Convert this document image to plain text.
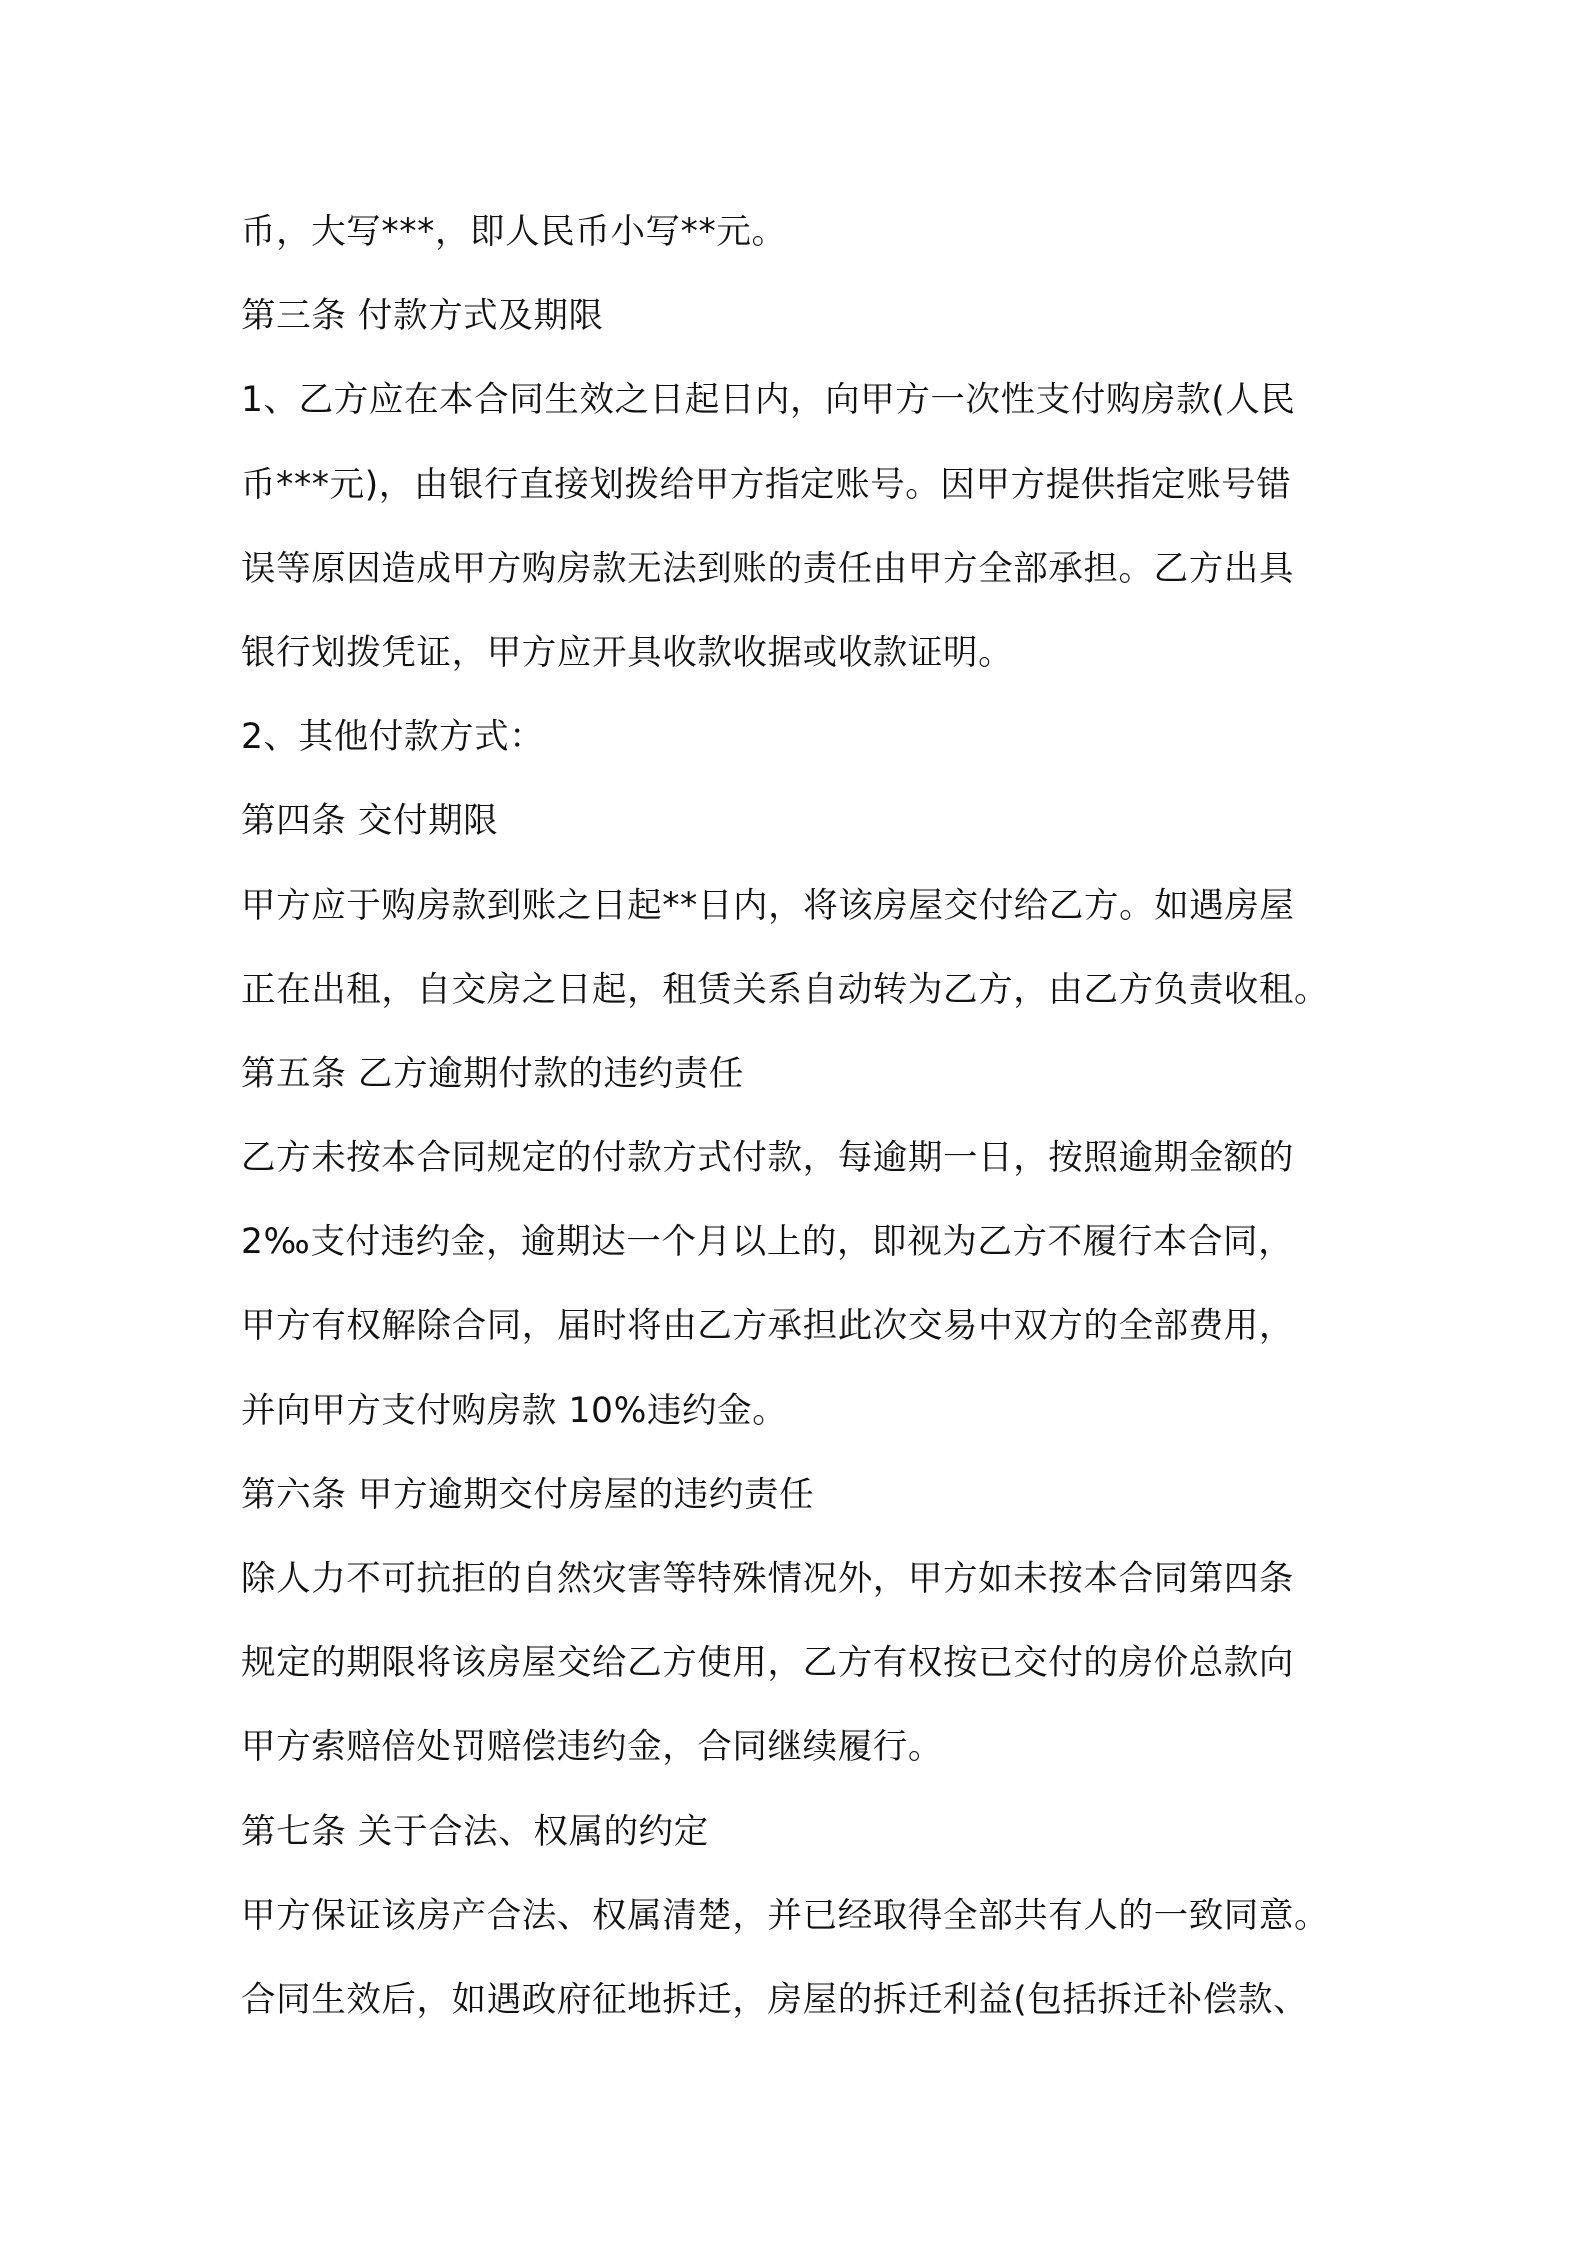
币，大写***，即人民币小写**元。
第三条 付款方式及期限
1、乙方应在本合同生效之日起日内，向甲方一次性支付购房款(人民
币***元)，由银行直接划拨给甲方指定账号。因甲方提供指定账号错
误等原因造成甲方购房款无法到账的责任由甲方全部承担。乙方出具
银行划拨凭证，甲方应开具收款收据或收款证明。
2、其他付款方式：
第四条 交付期限
甲方应于购房款到账之日起**日内，将该房屋交付给乙方。如遇房屋
正在出租，自交房之日起，租赁关系自动转为乙方，由乙方负责收租。
第五条 乙方逾期付款的违约责任
乙方未按本合同规定的付款方式付款，每逾期一日，按照逾期金额的
2‰支付违约金，逾期达一个月以上的，即视为乙方不履行本合同，
甲方有权解除合同，届时将由乙方承担此次交易中双方的全部费用，
并向甲方支付购房款 10%违约金。
第六条 甲方逾期交付房屋的违约责任
除人力不可抗拒的自然灾害等特殊情况外，甲方如未按本合同第四条
规定的期限将该房屋交给乙方使用，乙方有权按已交付的房价总款向
甲方索赔倍处罚赔偿违约金，合同继续履行。
第七条 关于合法、权属的约定
甲方保证该房产合法、权属清楚，并已经取得全部共有人的一致同意。
合同生效后，如遇政府征地拆迁，房屋的拆迁利益(包括拆迁补偿款、
